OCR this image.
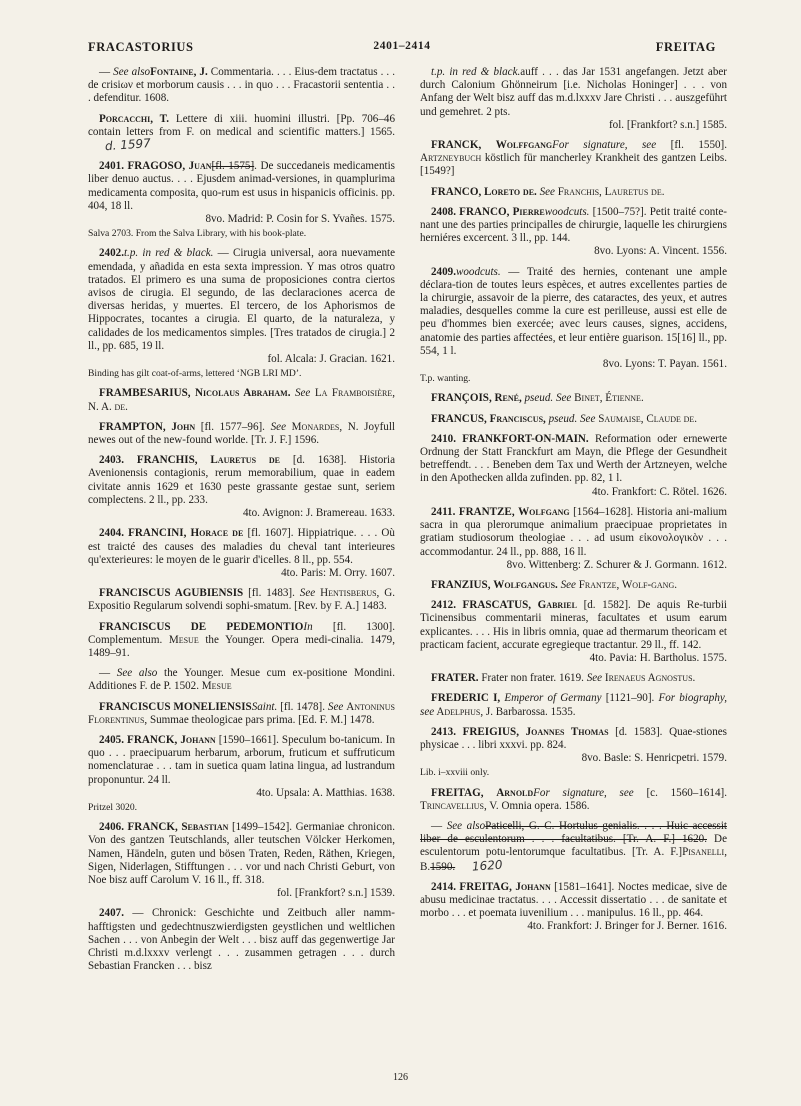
FRACASTORIUS	2401–2414	FREITAG
— See alsoFontaine, J. Commentaria. . . . Eius-dem tractatus . . . de crisiων et morborum causis . . . in quo . . . Fracastorii sententia . . . defenditur. 1608.
Porcacchi, T. Lettere di xiii. huomini illustri. [Pp. 706–46 contain letters from F. on medical and scientific matters.] 1565.d. 1597
2401. FRAGOSO, Juan[fl. 1575]. De succedaneis medicamentis liber denuo auctus. . . . Ejusdem animad-versiones, in quamplurima medicamenta composita, quo-rum est usus in hispanicis officinis. pp. 404, 18 ll.
8vo. Madrid: P. Cosin for S. Yvañes. 1575.
Salva 2703. From the Salva Library, with his book-plate.
2402.t.p. in red & black. — Cirugia universal, aora nuevamente emendada, y añadida en esta sexta impression. Y mas otros quatro tratados. El primero es una suma de proposiciones contra ciertos avisos de cirugia. El segundo, de las declaraciones acerca de diversas heridas, y muertes. El tercero, de los Aphorismos de Hippocrates, tocantes a cirugia. El quarto, de la naturaleza, y calidades de los medicamentos simples. [Tres tratados de cirugia.] 2 ll., pp. 685, 19 ll.
fol. Alcala: J. Gracian. 1621.
Binding has gilt coat-of-arms, lettered ‘NGB LRI MD’.
FRAMBESARIUS, Nicolaus Abraham. See La Framboisière, N. A. de.
FRAMPTON, John [fl. 1577–96]. See Monardes, N. Joyfull newes out of the new-found worlde. [Tr. J. F.] 1596.
2403. FRANCHIS, Lauretus de [d. 1638]. Historia Avenionensis contagionis, rerum memorabilium, quae in eadem civitate annis 1629 et 1630 peste grassante gestae sunt, seriem complectens. 2 ll., pp. 233.
4to. Avignon: J. Bramereau. 1633.
2404. FRANCINI, Horace de [fl. 1607]. Hippiatrique. . . . Où est traicté des causes des maladies du cheval tant interieures qu'exterieures: le moyen de le guarir d'icelles. 8 ll., pp. 554.
4to. Paris: M. Orry. 1607.
FRANCISCUS AGUBIENSIS [fl. 1483]. See Hentisberus, G. Expositio Regularum solvendi sophi-smatum. [Rev. by F. A.] 1483.
FRANCISCUS DE PEDEMONTIOIn [fl. 1300]. Complementum. Mesue the Younger. Opera medi-cinalia. 1479, 1489–91.
— See also the Younger. Mesue cum ex-positione Mondini. Additiones F. de P. 1502. Mesue
FRANCISCUS MONELIENSISSaint. [fl. 1478]. See Antoninus Florentinus, Summae theologicae pars prima. [Ed. F. M.] 1478.
2405. FRANCK, Johann [1590–1661]. Speculum bo-tanicum. In quo . . . praecipuarum herbarum, arborum, fruticum et suffruticum nomenclaturae . . . tam in suetica quam latina lingua, ad lustrandum proponuntur. 24 ll.
4to. Upsala: A. Matthias. 1638.
Pritzel 3020.
2406. FRANCK, Sebastian [1499–1542]. Germaniae chronicon. Von des gantzen Teutschlands, aller teutschen Völcker Herkomen, Namen, Händeln, guten und bösen Traten, Reden, Räthen, Kriegen, Sigen, Niderlagen, Stifftungen . . . vor und nach Christi Geburt, von Noe bisz auff Carolum V. 16 ll., ff. 318.
fol. [Frankfort? s.n.] 1539.
2407. — Chronick: Geschichte und Zeitbuch aller namm-hafftigsten und gedechtnuszwierdigsten geystlichen und weltlichen Sachen . . . von Anbegin der Welt . . . bisz auff das gegenwertige Jar Christi m.d.lxxxv verlengt . . . zusammen getragen . . . durch Sebastian Francken . . . bisz
t.p. in red & black.auff . . . das Jar 1531 angefangen. Jetzt aber durch Calonium Ghönneirum [i.e. Nicholas Honinger] . . . von Anfang der Welt bisz auff das m.d.lxxxv Jare Christi . . . auszgeführt und gemehret. 2 pts.
fol. [Frankfort? s.n.] 1585.
FRANCK, WolffgangFor signature, see [fl. 1550]. Artzneybuch köstlich für mancherley Krankheit des gantzen Leibs. [1549?]
FRANCO, Loreto de. See Franchis, Lauretus de.
2408. FRANCO, Pierrewoodcuts. [1500–75?]. Petit traité conte-nant une des parties principalles de chirurgie, laquelle les chirurgiens herniéres excercent. 3 ll., pp. 144.
8vo. Lyons: A. Vincent. 1556.
2409.woodcuts. — Traité des hernies, contenant une ample déclara-tion de toutes leurs espèces, et autres excellentes parties de la chirurgie, assavoir de la pierre, des cataractes, des yeux, et autres maladies, desquelles comme la cure est perilleuse, aussi est elle de peu d'hommes bien exercée; avec leurs causes, signes, accidens, anatomie des parties affectées, et leur entière guarison. 15[16] ll., pp. 554, 1 l.
8vo. Lyons: T. Payan. 1561.
T.p. wanting.
FRANÇOIS, René, pseud. See Binet, Étienne.
FRANCUS, Franciscus, pseud. See Saumaise, Claude de.
2410. FRANKFORT-ON-MAIN. Reformation oder ernewerte Ordnung der Statt Franckfurt am Mayn, die Pflege der Gesundheit betreffendt. . . . Beneben dem Tax und Werth der Artzneyen, welche in den Apothecken allda zufinden. pp. 82, 1 l.
4to. Frankfort: C. Rötel. 1626.
2411. FRANTZE, Wolfgang [1564–1628]. Historia ani-malium sacra in qua plerorumque animalium praecipuae proprietates in gratiam studiosorum theologiae . . . ad usum εἰκονολογικὸν . . . accommodantur. 24 ll., pp. 888, 16 ll.
8vo. Wittenberg: Z. Schurer & J. Gormann. 1612.
FRANZIUS, Wolfgangus. See Frantze, Wolf-gang.
2412. FRASCATUS, Gabriel [d. 1582]. De aquis Re-turbii Ticinensibus commentarii mineras, facultates et usum earum explicantes. . . . His in libris omnia, quae ad thermarum theoricam et practicam facient, accurate egregieque tractantur. 29 ll., ff. 142.
4to. Pavia: H. Bartholus. 1575.
FRATER. Frater non frater. 1619. See Irenaeus Agnostus.
FREDERIC I, Emperor of Germany [1121–90]. For biography, see Adelphus, J. Barbarossa. 1535.
2413. FREIGIUS, Joannes Thomas [d. 1583]. Quae-stiones physicae . . . libri xxxvi. pp. 824.
8vo. Basle: S. Henricpetri. 1579.
Lib. i–xxviii only.
FREITAG, ArnoldFor signature, see [c. 1560–1614]. Trincavellius, V. Omnia opera. 1586.
— See alsoPaticelli, G. C. Hortulus genialis. . . . Huic accessit liber de esculentorum . . . facultatibus. [Tr. A. F.] 1620. De esculentorum potu-lentorumque facultatibus. [Tr. A. F.]Pisanelli, B.1590. 1620
2414. FREITAG, Johann [1581–1641]. Noctes medicae, sive de abusu medicinae tractatus. . . . Accessit dissertatio . . . de sanitate et morbo . . . et poemata iuvenilium . . . manipulus. 16 ll., pp. 464.
4to. Frankfort: J. Bringer for J. Berner. 1616.
126
